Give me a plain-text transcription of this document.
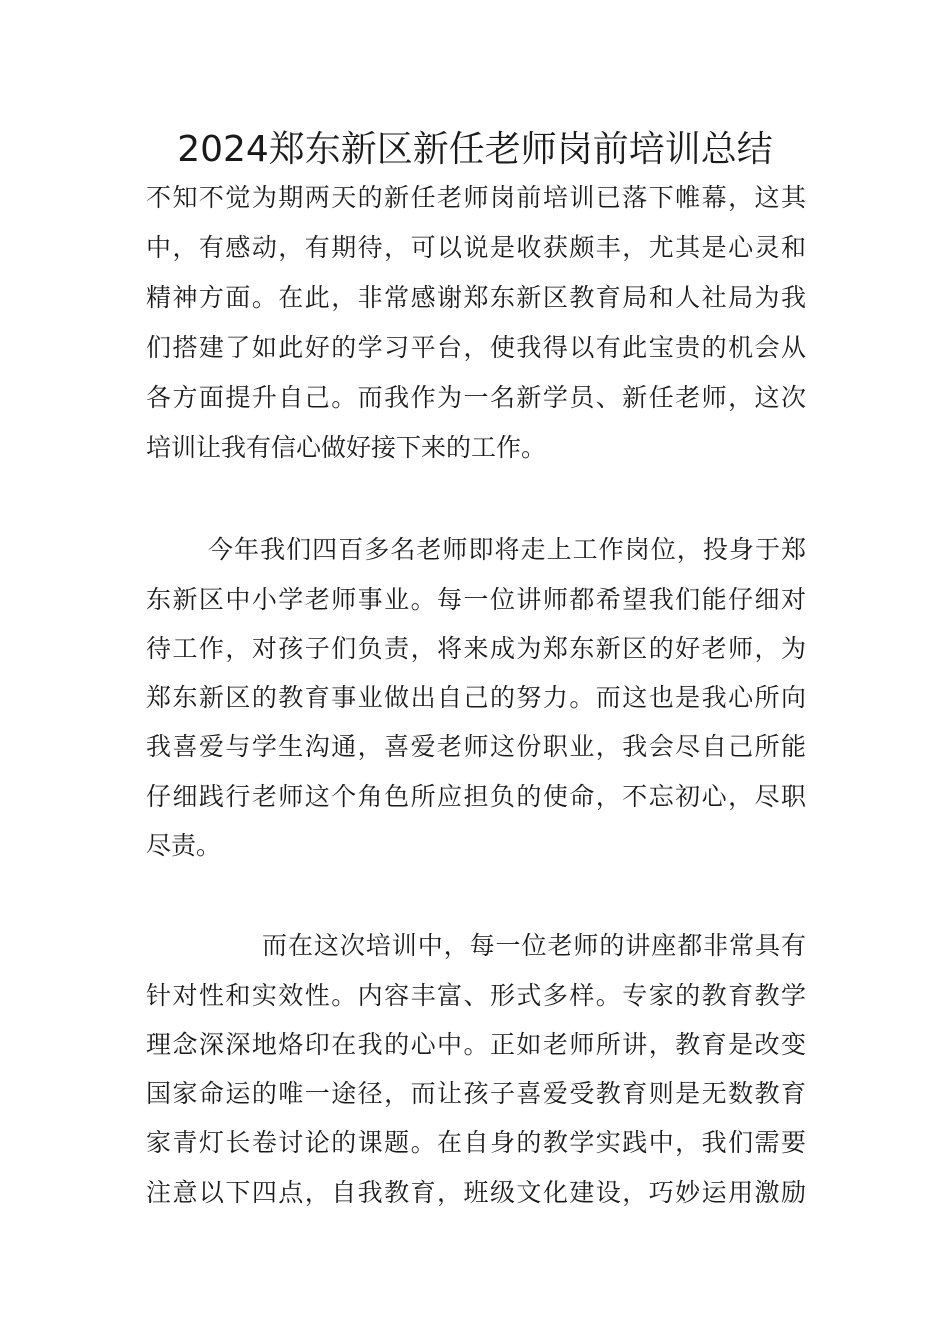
2024郑东新区新任老师岗前培训总结
不知不觉为期两天的新任老师岗前培训已落下帷幕，这其
中，有感动，有期待，可以说是收获颇丰，尤其是心灵和
精神方面。在此，非常感谢郑东新区教育局和人社局为我
们搭建了如此好的学习平台，使我得以有此宝贵的机会从
各方面提升自己。而我作为一名新学员、新任老师，这次
培训让我有信心做好接下来的工作。
今年我们四百多名老师即将走上工作岗位，投身于郑
东新区中小学老师事业。每一位讲师都希望我们能仔细对
待工作，对孩子们负责，将来成为郑东新区的好老师，为
郑东新区的教育事业做出自己的努力。而这也是我心所向
我喜爱与学生沟通，喜爱老师这份职业，我会尽自己所能
仔细践行老师这个角色所应担负的使命，不忘初心，尽职
尽责。
而在这次培训中，每一位老师的讲座都非常具有
针对性和实效性。内容丰富、形式多样。专家的教育教学
理念深深地烙印在我的心中。正如老师所讲，教育是改变
国家命运的唯一途径，而让孩子喜爱受教育则是无数教育
家青灯长卷讨论的课题。在自身的教学实践中，我们需要
注意以下四点，自我教育，班级文化建设，巧妙运用激励
